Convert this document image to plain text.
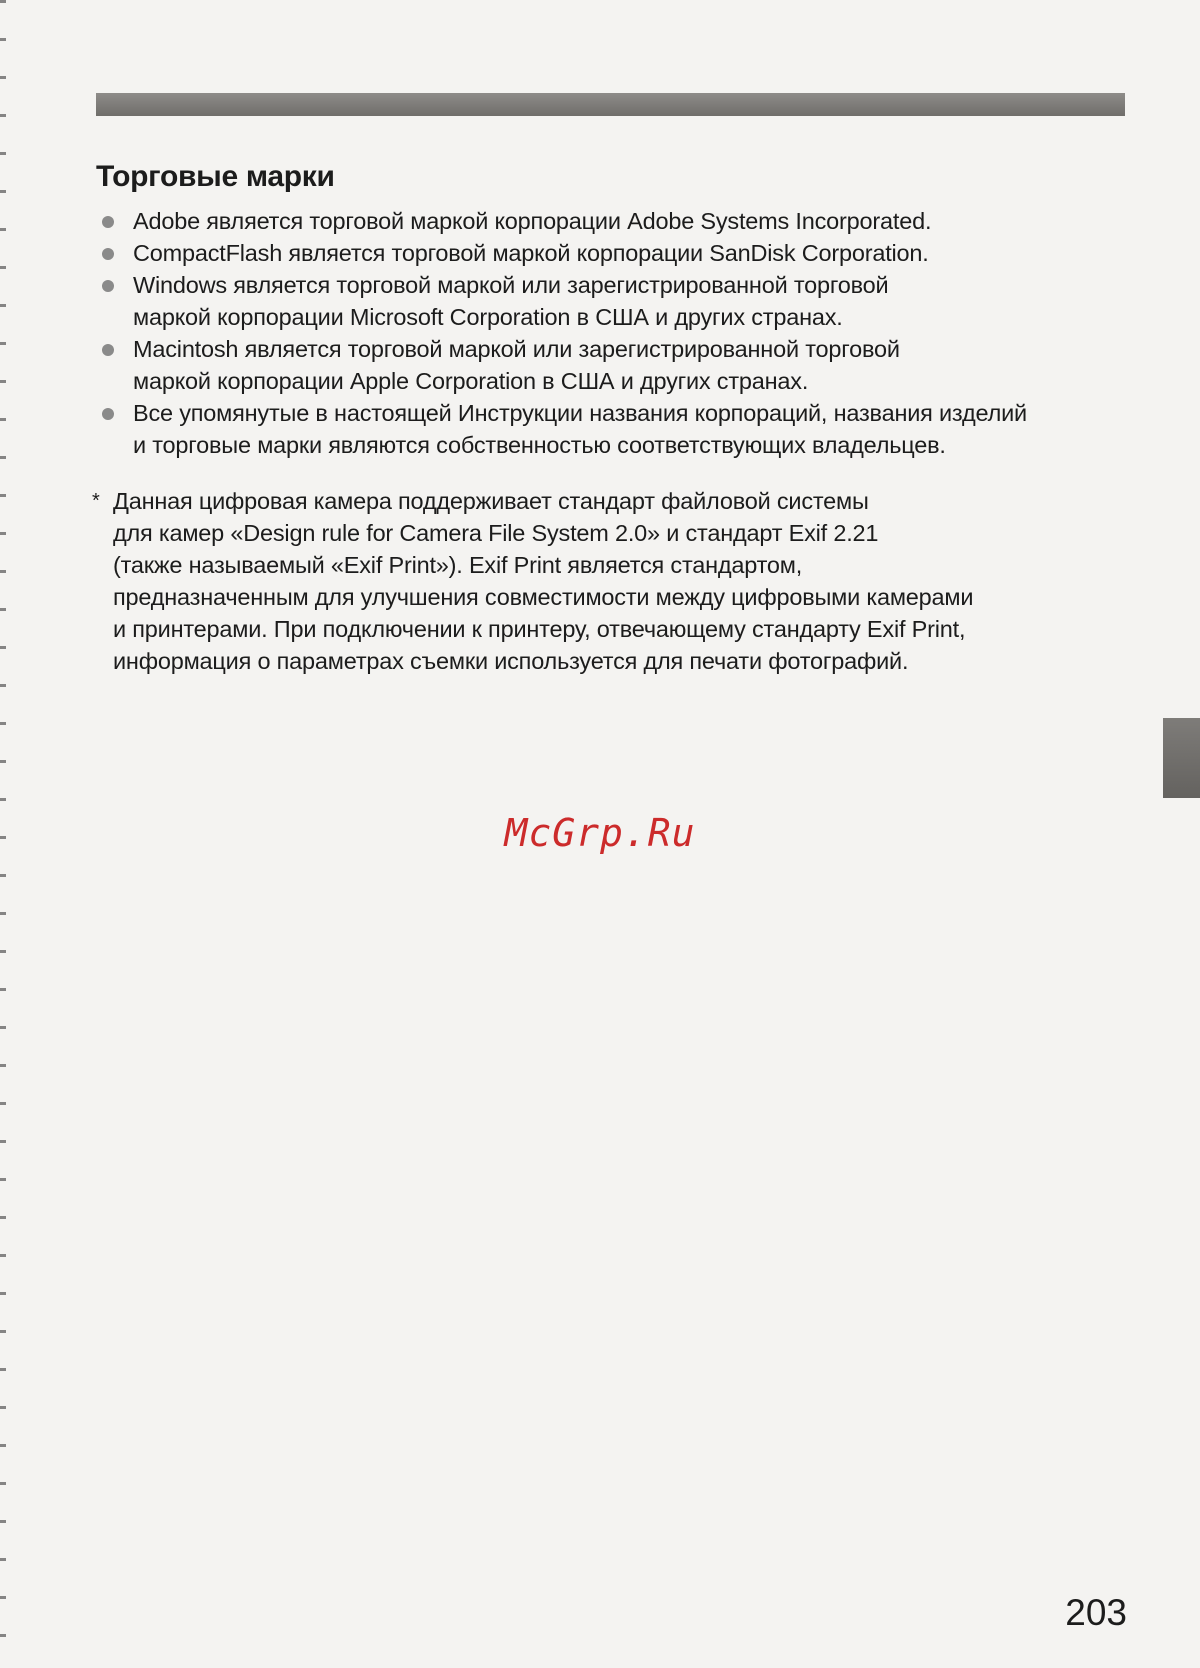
Торговые марки
Adobe является торговой маркой корпорации Adobe Systems Incorporated.
CompactFlash является торговой маркой корпорации SanDisk Corporation.
Windows является торговой маркой или зарегистрированной торговой
маркой корпорации Microsoft Corporation в США и других странах.
Macintosh является торговой маркой или зарегистрированной торговой
маркой корпорации Apple Corporation в США и других странах.
Все упомянутые в настоящей Инструкции названия корпораций, названия изделий
и торговые марки являются собственностью соответствующих владельцев.
* Данная цифровая камера поддерживает стандарт файловой системы
для камер «Design rule for Camera File System 2.0» и стандарт Exif 2.21
(также называемый «Exif Print»). Exif Print является стандартом,
предназначенным для улучшения совместимости между цифровыми камерами
и принтерами. При подключении к принтеру, отвечающему стандарту Exif Print,
информация о параметрах съемки используется для печати фотографий.
McGrp.Ru
203
